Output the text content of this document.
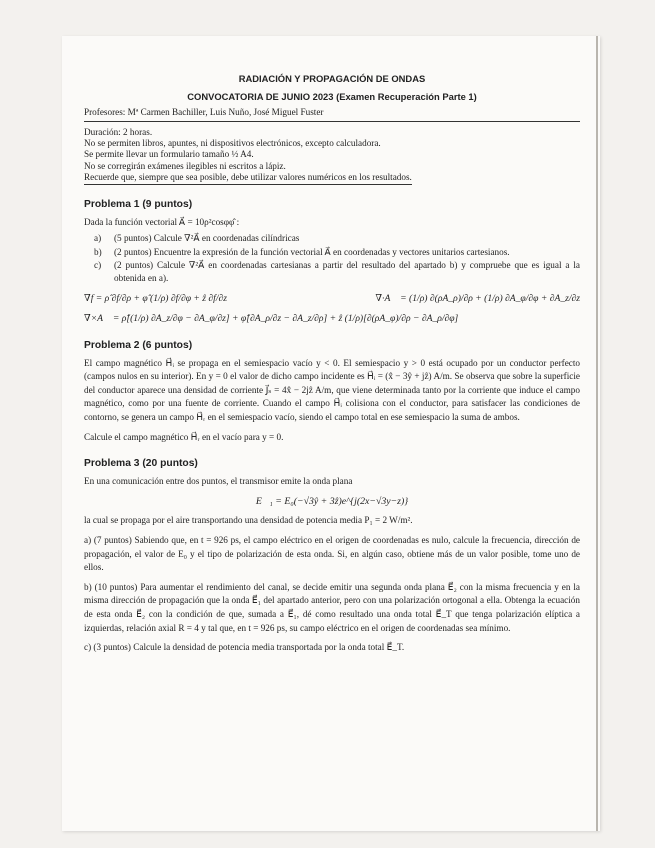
RADIACIÓN Y PROPAGACIÓN DE ONDAS
CONVOCATORIA DE JUNIO 2023 (Examen Recuperación Parte 1)
Profesores: Mª Carmen Bachiller, Luis Nuño, José Miguel Fuster
Duración: 2 horas.
No se permiten libros, apuntes, ni dispositivos electrónicos, excepto calculadora.
Se permite llevar un formulario tamaño ½ A4.
No se corregirán exámenes ilegibles ni escritos a lápiz.
Recuerde que, siempre que sea posible, debe utilizar valores numéricos en los resultados.
Problema 1 (9 puntos)

Dada la función vectorial A⃗ = 10ρ²cosφφ̂ :

a) (5 puntos) Calcule ∇²A⃗ en coordenadas cilíndricas
b) (2 puntos) Encuentre la expresión de la función vectorial A⃗ en coordenadas y vectores unitarios cartesianos.
c) (2 puntos) Calcule ∇²A⃗ en coordenadas cartesianas a partir del resultado del apartado b) y compruebe que es igual a la obtenida en a).
∇f = ρ̂ ∂f/∂ρ + φ̂ (1/ρ) ∂f/∂φ + ẑ ∂f/∂z	∇·A⃗ = (1/ρ) ∂(ρA_ρ)/∂ρ + (1/ρ) ∂A_φ/∂φ + ∂A_z/∂z
∇×A⃗ = ρ̂[(1/ρ) ∂A_z/∂φ − ∂A_φ/∂z] + φ̂[∂A_ρ/∂z − ∂A_z/∂ρ] + ẑ (1/ρ)[∂(ρA_φ)/∂ρ − ∂A_ρ/∂φ]
Problema 2 (6 puntos)

El campo magnético H⃗ᵢ se propaga en el semiespacio vacío y < 0. El semiespacio y > 0 está ocupado por un conductor perfecto (campos nulos en su interior). En y = 0 el valor de dicho campo incidente es H⃗ᵢ = (x̂ − 3ŷ + jẑ) A/m. Se observa que sobre la superficie del conductor aparece una densidad de corriente J⃗ₛ = 4x̂ − 2jẑ A/m, que viene determinada tanto por la corriente que induce el campo magnético, como por una fuente de corriente. Cuando el campo H⃗ᵢ colisiona con el conductor, para satisfacer las condiciones de contorno, se genera un campo H⃗ᵣ en el semiespacio vacío, siendo el campo total en ese semiespacio la suma de ambos.

Calcule el campo magnético H⃗ᵣ en el vacío para y = 0.

Problema 3 (20 puntos)

En una comunicación entre dos puntos, el transmisor emite la onda plana

E⃗₁ = E₀(−√3ŷ + 3ẑ)e^{j(2x−√3y−z)}

la cual se propaga por el aire transportando una densidad de potencia media P₁ = 2 W/m².

a) (7 puntos) Sabiendo que, en t = 926 ps, el campo eléctrico en el origen de coordenadas es nulo, calcule la frecuencia, dirección de propagación, el valor de E₀ y el tipo de polarización de esta onda. Si, en algún caso, obtiene más de un valor posible, tome uno de ellos.

b) (10 puntos) Para aumentar el rendimiento del canal, se decide emitir una segunda onda plana E⃗₂ con la misma frecuencia y en la misma dirección de propagación que la onda E⃗₁ del apartado anterior, pero con una polarización ortogonal a ella. Obtenga la ecuación de esta onda E⃗₂ con la condición de que, sumada a E⃗₁, dé como resultado una onda total E⃗_T que tenga polarización elíptica a izquierdas, relación axial R = 4 y tal que, en t = 926 ps, su campo eléctrico en el origen de coordenadas sea mínimo.

c) (3 puntos) Calcule la densidad de potencia media transportada por la onda total E⃗_T.
